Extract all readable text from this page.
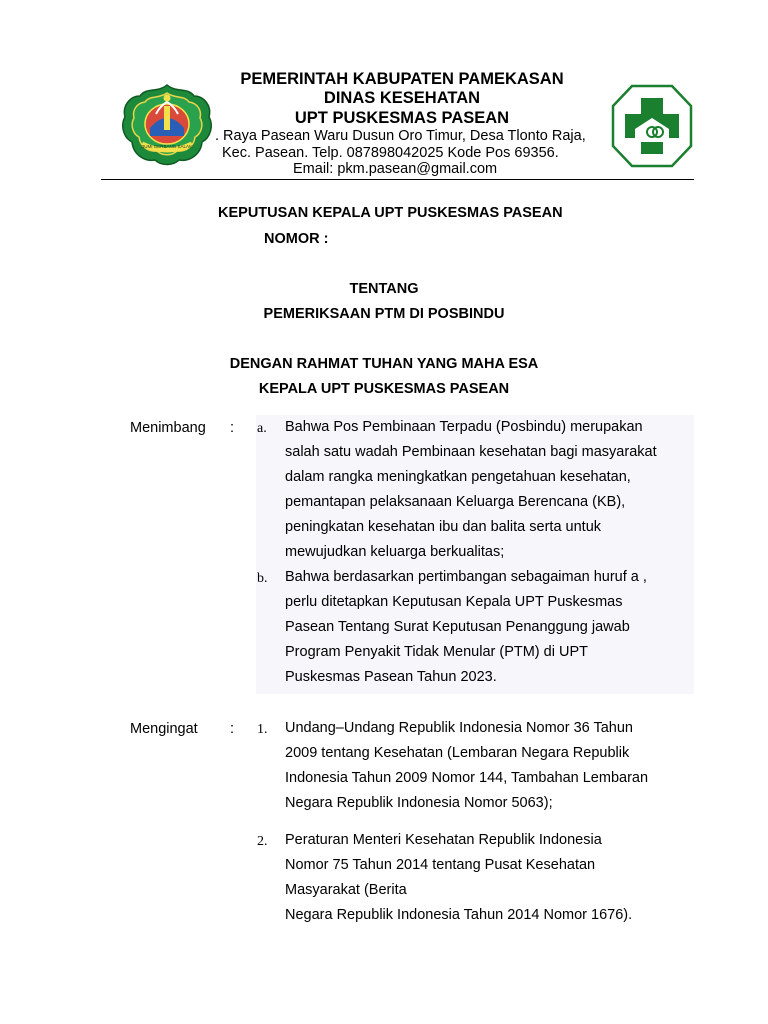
BUMI GERBANG SALAM
PEMERINTAH KABUPATEN PAMEKASAN
DINAS KESEHATAN
UPT PUSKESMAS PASEAN
. Raya Pasean Waru Dusun Oro Timur, Desa Tlonto Raja,
Kec. Pasean. Telp. 087898042025 Kode Pos 69356.
Email: pkm.pasean@gmail.com
KEPUTUSAN KEPALA UPT PUSKESMAS PASEAN
NOMOR :
TENTANG
PEMERIKSAAN PTM DI POSBINDU
DENGAN RAHMAT TUHAN YANG MAHA ESA
KEPALA UPT PUSKESMAS PASEAN
Menimbang : a. Bahwa Pos Pembinaan Terpadu (Posbindu) merupakan
salah satu wadah Pembinaan kesehatan bagi masyarakat
dalam rangka meningkatkan pengetahuan kesehatan,
pemantapan pelaksanaan Keluarga Berencana (KB),
peningkatan kesehatan ibu dan balita serta untuk
mewujudkan keluarga berkualitas;
b. Bahwa berdasarkan pertimbangan sebagaiman huruf a ,
perlu ditetapkan Keputusan Kepala UPT Puskesmas
Pasean Tentang Surat Keputusan Penanggung jawab
Program Penyakit Tidak Menular (PTM) di UPT
Puskesmas Pasean Tahun 2023.
Mengingat : 1. Undang–Undang Republik Indonesia Nomor 36 Tahun
2009 tentang Kesehatan (Lembaran Negara Republik
Indonesia Tahun 2009 Nomor 144, Tambahan Lembaran
Negara Republik Indonesia Nomor 5063);
2. Peraturan Menteri Kesehatan Republik Indonesia
Nomor 75 Tahun 2014 tentang Pusat Kesehatan
Masyarakat (Berita
Negara Republik Indonesia Tahun 2014 Nomor 1676).
